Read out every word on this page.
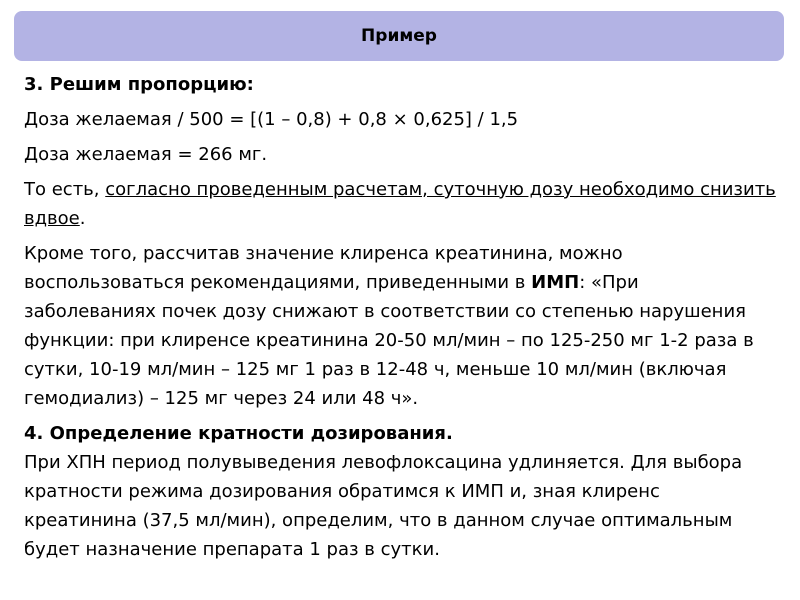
Пример

3. Решим пропорцию:

Доза желаемая / 500 = [(1 – 0,8) + 0,8 × 0,625] / 1,5

Доза желаемая = 266 мг.

То есть, согласно проведенным расчетам, суточную дозу необходимо снизить вдвое.

Кроме того, рассчитав значение клиренса креатинина, можно воспользоваться рекомендациями, приведенными в ИМП: «При заболеваниях почек дозу снижают в соответствии со степенью нарушения функции: при клиренсе креатинина 20-50 мл/мин – по 125-250 мг 1-2 раза в сутки, 10-19 мл/мин – 125 мг 1 раз в 12-48 ч, меньше 10 мл/мин (включая гемодиализ) – 125 мг через 24 или 48 ч».

4. Определение кратности дозирования.
При ХПН период полувыведения левофлоксацина удлиняется. Для выбора кратности режима дозирования обратимся к ИМП и, зная клиренс креатинина (37,5 мл/мин), определим, что в данном случае оптимальным будет назначение препарата 1 раз в сутки.
